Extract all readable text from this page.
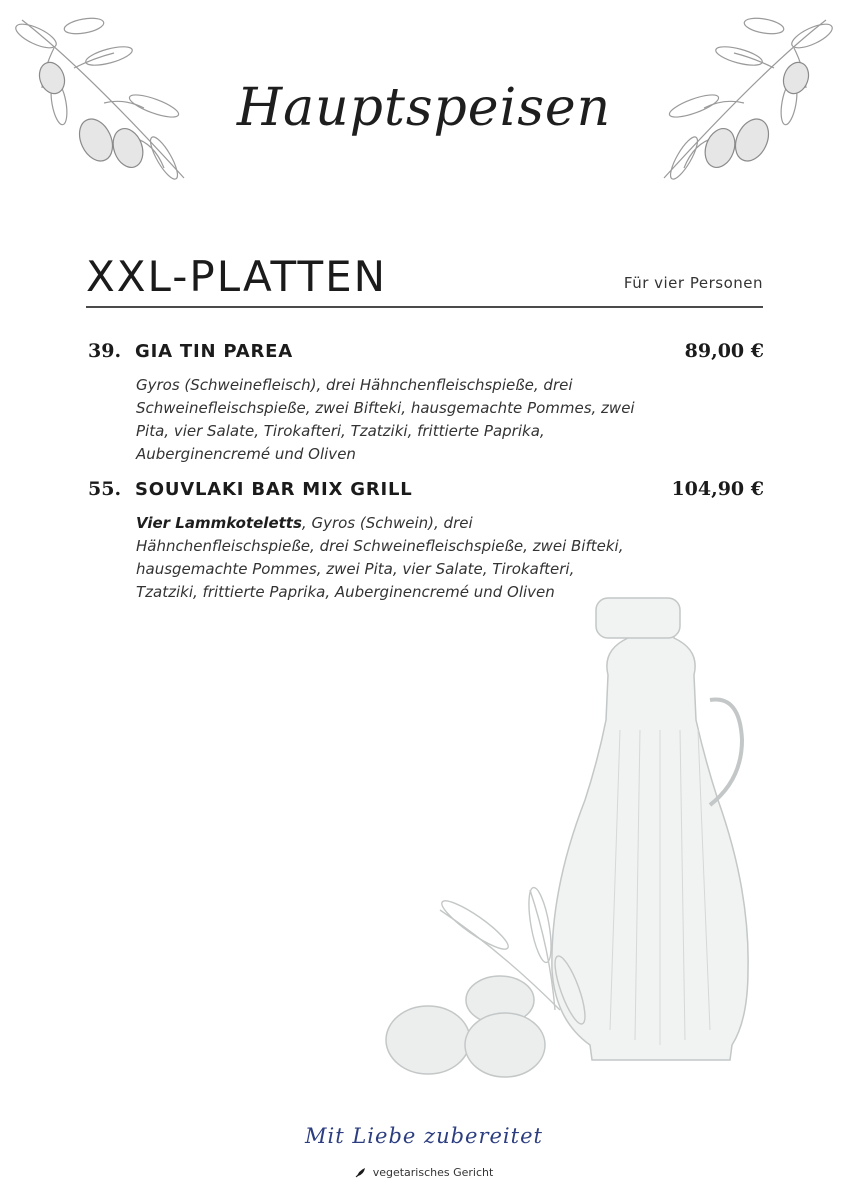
Hauptspeisen
XXL-PLATTEN	Für vier Personen
39. GIA TIN PAREA	89,00 €

Gyros (Schweinefleisch), drei Hähnchenfleischspieße, drei Schweinefleischspieße, zwei Bifteki, hausgemachte Pommes, zwei Pita, vier Salate, Tirokafteri, Tzatziki, frittierte Paprika, Auberginencremé und Oliven

55. SOUVLAKI BAR MIX GRILL	104,90 €

Vier Lammkoteletts, Gyros (Schwein), drei Hähnchenfleischspieße, drei Schweinefleischspieße, zwei Bifteki, hausgemachte Pommes, zwei Pita, vier Salate, Tirokafteri, Tzatziki, frittierte Paprika, Auberginencremé und Oliven

Mit Liebe zubereitet
vegetarisches Gericht
